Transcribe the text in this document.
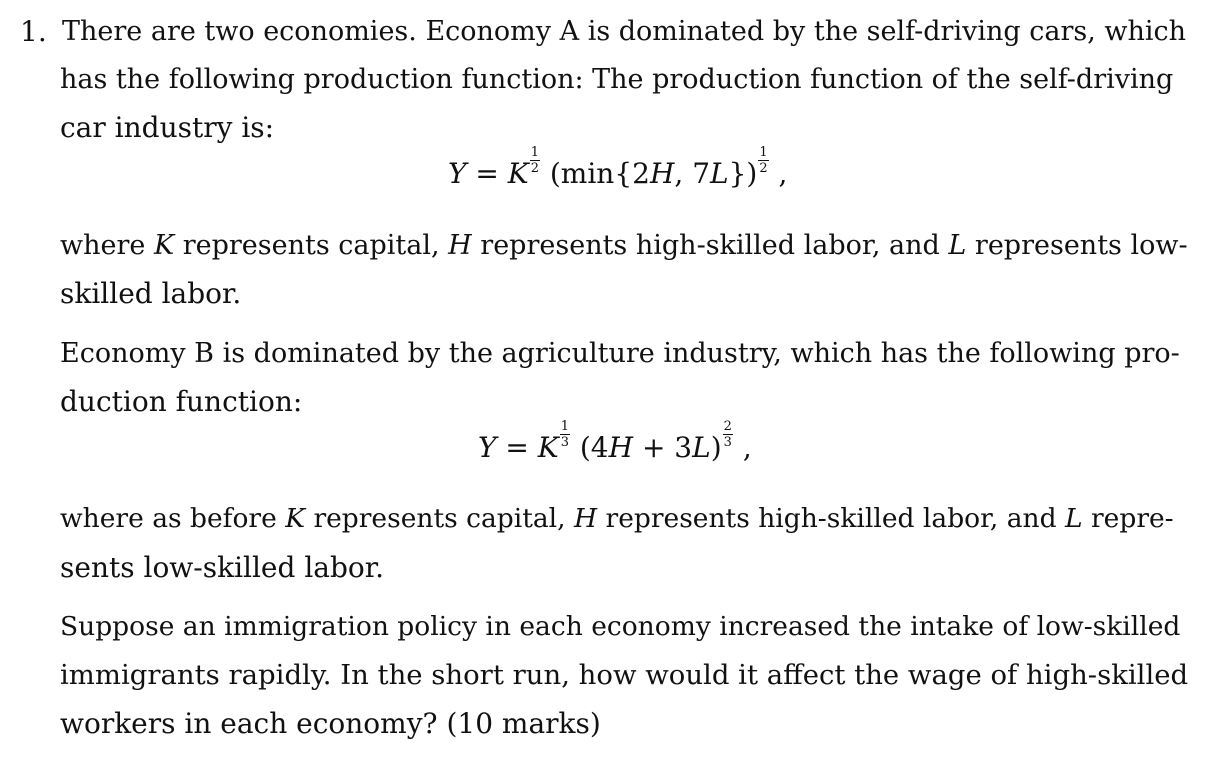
1. There are two economies. Economy A is dominated by the self-driving cars, which
has the following production function: The production function of the self-driving
car industry is:
Y = K $\frac{1}{2} (\min\{2H$, $7L\}) \frac{1}{2}$ ,
where K represents capital, H represents high-skilled labor, and L represents low-
skilled labor.
Economy B is dominated by the agriculture industry, which has the following pro-
duction function:
Y = K $\frac{1}{3} (4H + 3L) \frac{2}{3}$ ,
where as before K represents capital, H represents high-skilled labor, and L repre-
sents low-skilled labor.
Suppose an immigration policy in each economy increased the intake of low-skilled
immigrants rapidly. In the short run, how would it affect the wage of high-skilled
workers in each economy? (10 marks)
